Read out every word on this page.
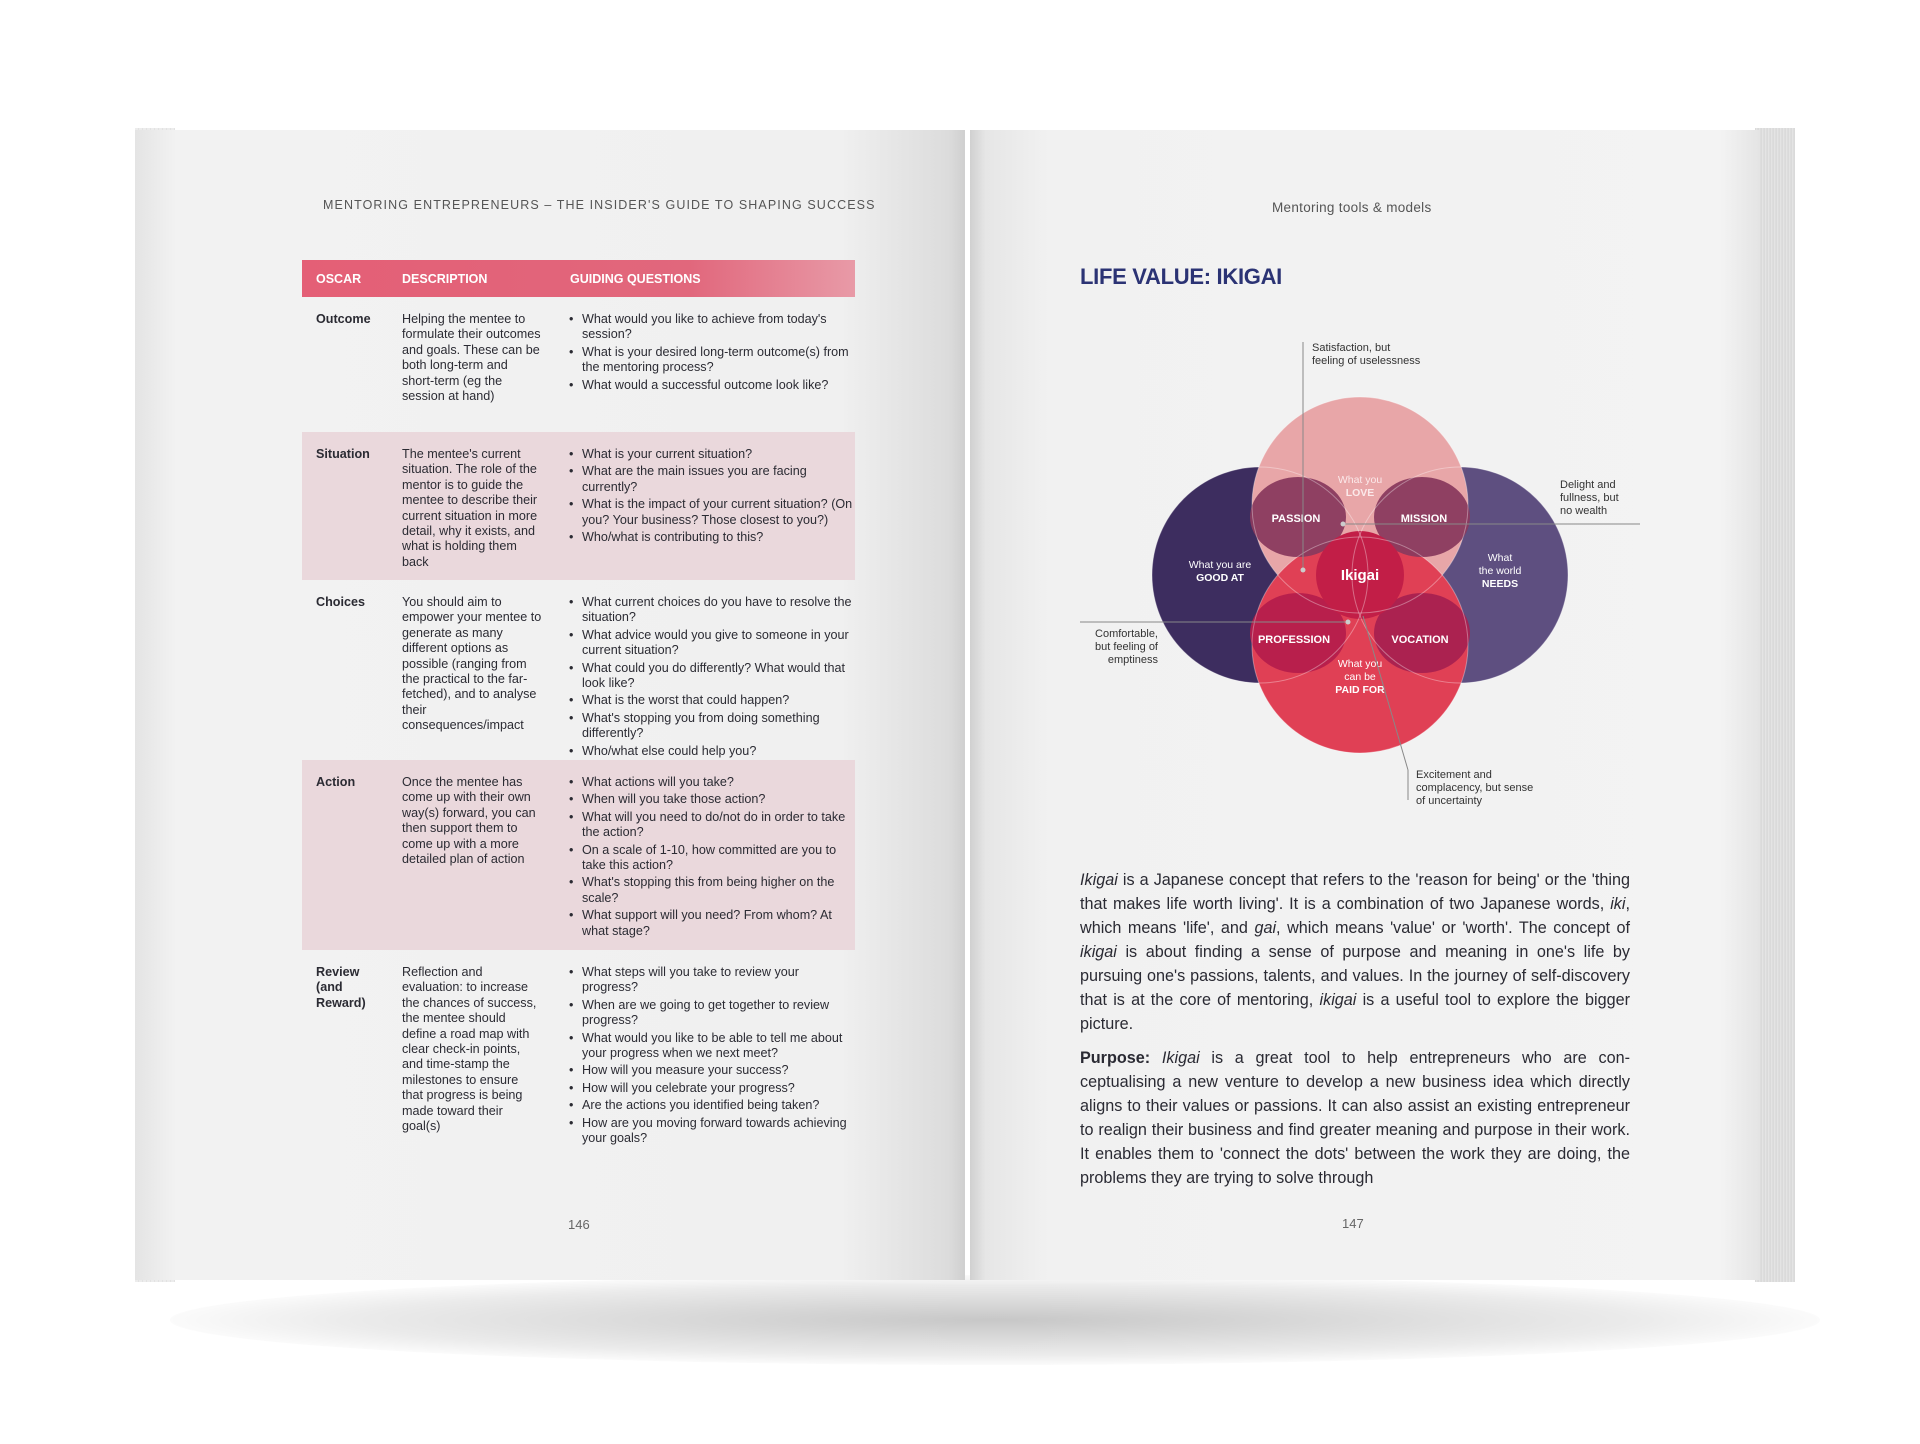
MENTORING ENTREPRENEURS – THE INSIDER'S GUIDE TO SHAPING SUCCESS
OSCAR	DESCRIPTION	GUIDING QUESTIONS
Outcome	Helping the mentee to formulate their outcomes and goals. These can be both long-term and short-term (eg the session at hand)
• What would you like to achieve from today's session?
• What is your desired long-term outcome(s) from the mentoring process?
• What would a successful outcome look like?
Situation	The mentee's current situation. The role of the mentor is to guide the mentee to describe their current situation in more detail, why it exists, and what is holding them back
• What is your current situation?
• What are the main issues you are facing currently?
• What is the impact of your current situation? (On you? Your business? Those closest to you?)
• Who/what is contributing to this?
Choices	You should aim to empower your mentee to generate as many different options as possible (ranging from the practical to the far-fetched), and to analyse their consequences/impact
• What current choices do you have to resolve the situation?
• What advice would you give to someone in your current situation?
• What could you do differently? What would that look like?
• What is the worst that could happen?
• What's stopping you from doing something differently?
• Who/what else could help you?
Action	Once the mentee has come up with their own way(s) forward, you can then support them to come up with a more detailed plan of action
• What actions will you take?
• When will you take those action?
• What will you need to do/not do in order to take the action?
• On a scale of 1-10, how committed are you to take this action?
• What's stopping this from being higher on the scale?
• What support will you need? From whom? At what stage?
Review (and Reward)
Reflection and evaluation: to increase the chances of success, the mentee should define a road map with clear check-in points, and time-stamp the milestones to ensure that progress is being made toward their goal(s)
• What steps will you take to review your progress?
• When are we going to get together to review progress?
• What would you like to be able to tell me about your progress when we next meet?
• How will you measure your success?
• How will you celebrate your progress?
• Are the actions you identified being taken?
• How are you moving forward towards achieving your goals?
146
Mentoring tools & models
LIFE VALUE: IKIGAI
What you LOVE
What you are GOOD AT
What the world NEEDS
What you can be PAID FOR
PASSION	MISSION
PROFESSION	VOCATION
Ikigai
Satisfaction, but feeling of uselessness
Delight and fullness, but no wealth
Comfortable, but feeling of emptiness
Excitement and complacency, but sense of uncertainty
Ikigai is a Japanese concept that refers to the 'reason for being' or the 'thing that makes life worth living'. It is a combination of two Japanese words, iki, which means 'life', and gai, which means 'value' or 'worth'. The concept of ikigai is about finding a sense of purpose and meaning in one's life by pursuing one's passions, talents, and values. In the journey of self-discovery that is at the core of mentoring, ikigai is a useful tool to explore the bigger picture.
Purpose: Ikigai is a great tool to help entrepreneurs who are con-ceptualising a new venture to develop a new business idea which directly aligns to their values or passions. It can also assist an existing entrepreneur to realign their business and find greater meaning and purpose in their work. It enables them to 'connect the dots' between the work they are doing, the problems they are trying to solve through
147
